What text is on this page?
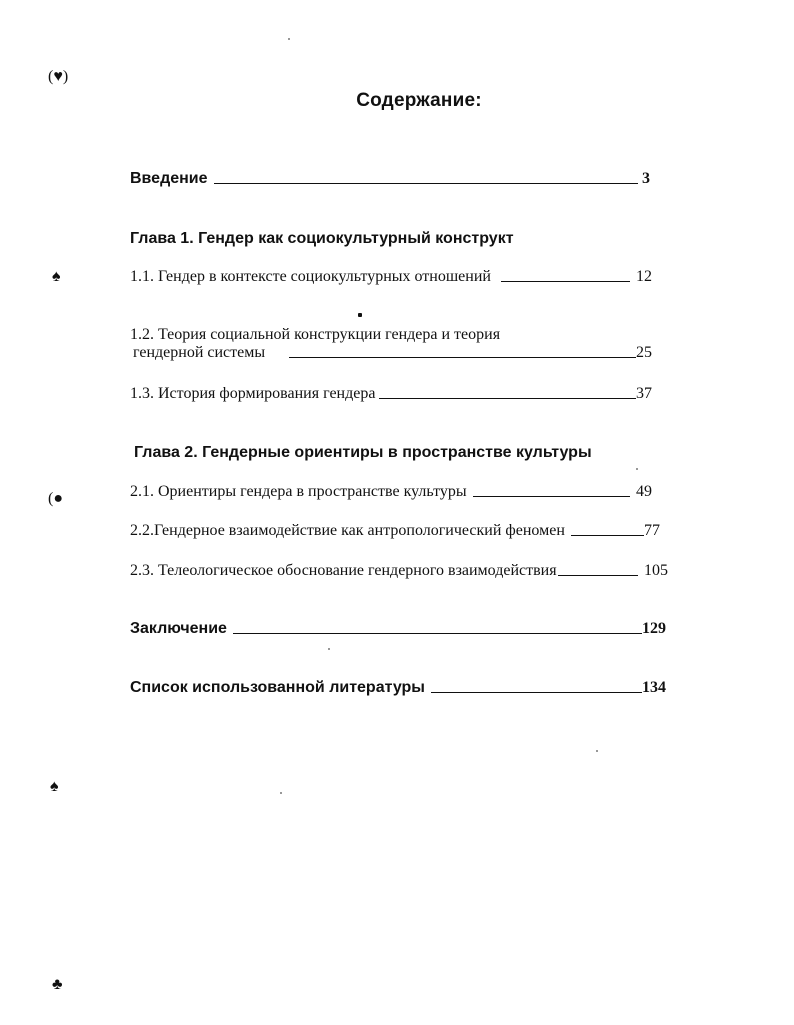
(♥)
♠
(●
♠
♣
Содержание:
Введение	3
Глава 1. Гендер как социокультурный конструкт
1.1. Гендер в контексте социокультурных отношений	12
1.2. Теория социальной конструкции гендера и теория
гендерной системы	25
1.3. История формирования гендера	37
Глава 2. Гендерные ориентиры в пространстве культуры
2.1. Ориентиры гендера в пространстве культуры	49
2.2.Гендерное взаимодействие как антропологический феномен	77
2.3. Телеологическое обоснование гендерного взаимодействия	105
Заключение	129
Список использованной литературы	134
